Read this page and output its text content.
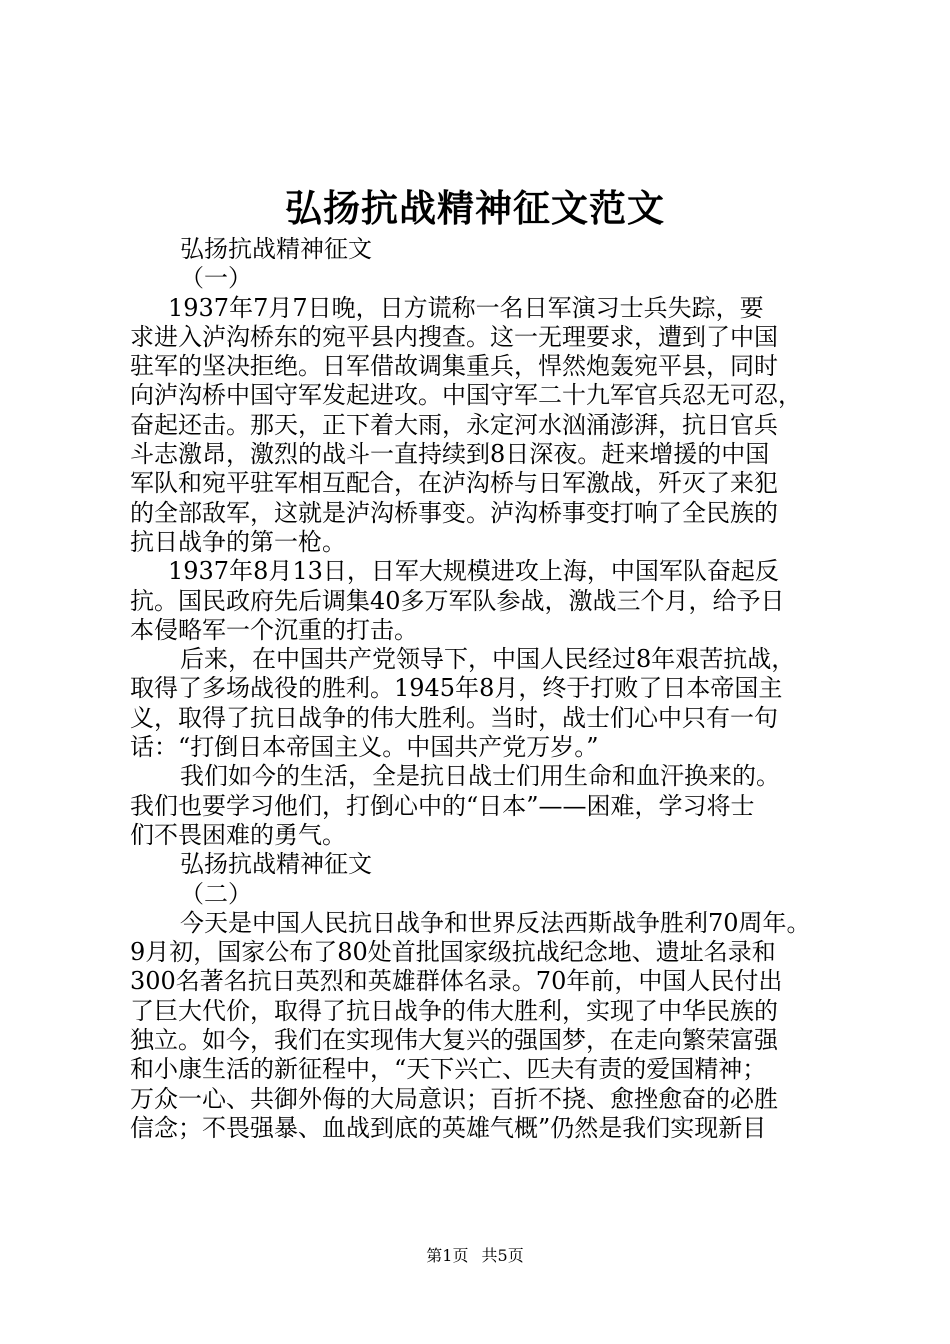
弘扬抗战精神征文范文
弘扬抗战精神征文
（一）
1937年7月7日晚，日方谎称一名日军演习士兵失踪，要
求进入泸沟桥东的宛平县内搜查。这一无理要求，遭到了中国
驻军的坚决拒绝。日军借故调集重兵，悍然炮轰宛平县，同时
向泸沟桥中国守军发起进攻。中国守军二十九军官兵忍无可忍，
奋起还击。那天，正下着大雨，永定河水汹涌澎湃，抗日官兵
斗志激昂，激烈的战斗一直持续到8日深夜。赶来增援的中国
军队和宛平驻军相互配合，在泸沟桥与日军激战，歼灭了来犯
的全部敌军，这就是泸沟桥事变。泸沟桥事变打响了全民族的
抗日战争的第一枪。
1937年8月13日，日军大规模进攻上海，中国军队奋起反
抗。国民政府先后调集40多万军队参战，激战三个月，给予日
本侵略军一个沉重的打击。
后来，在中国共产党领导下，中国人民经过8年艰苦抗战，
取得了多场战役的胜利。1945年8月，终于打败了日本帝国主
义，取得了抗日战争的伟大胜利。当时，战士们心中只有一句
话：“打倒日本帝国主义。中国共产党万岁。”
我们如今的生活，全是抗日战士们用生命和血汗换来的。
我们也要学习他们，打倒心中的“日本”——困难，学习将士
们不畏困难的勇气。
弘扬抗战精神征文
（二）
今天是中国人民抗日战争和世界反法西斯战争胜利70周年。
9月初，国家公布了80处首批国家级抗战纪念地、遗址名录和
300名著名抗日英烈和英雄群体名录。70年前，中国人民付出
了巨大代价，取得了抗日战争的伟大胜利，实现了中华民族的
独立。如今，我们在实现伟大复兴的强国梦，在走向繁荣富强
和小康生活的新征程中，“天下兴亡、匹夫有责的爱国精神；
万众一心、共御外侮的大局意识；百折不挠、愈挫愈奋的必胜
信念；不畏强暴、血战到底的英雄气概”仍然是我们实现新目
第1页 共5页
